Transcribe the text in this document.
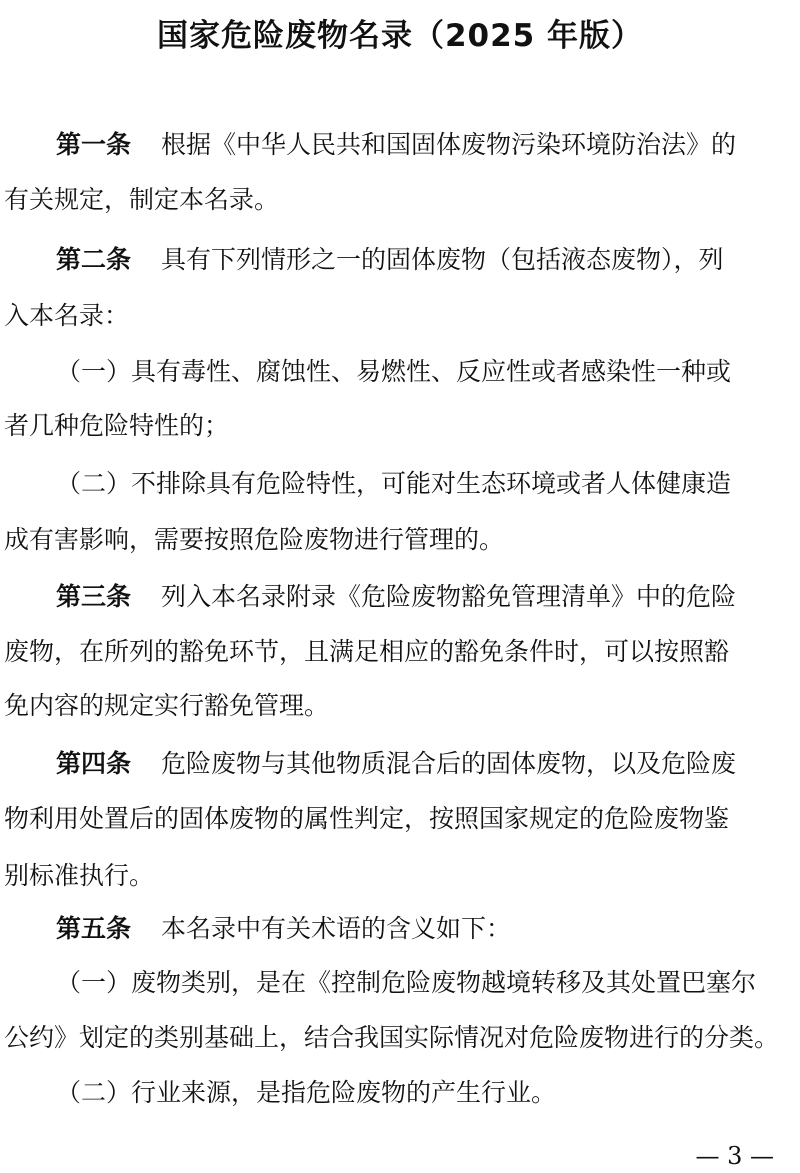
国家危险废物名录（2025 年版）
第一条 根据《中华人民共和国固体废物污染环境防治法》的
有关规定，制定本名录。
第二条 具有下列情形之一的固体废物（包括液态废物），列
入本名录：
（一）具有毒性、腐蚀性、易燃性、反应性或者感染性一种或
者几种危险特性的；
（二）不排除具有危险特性，可能对生态环境或者人体健康造
成有害影响，需要按照危险废物进行管理的。
第三条 列入本名录附录《危险废物豁免管理清单》中的危险
废物，在所列的豁免环节，且满足相应的豁免条件时，可以按照豁
免内容的规定实行豁免管理。
第四条 危险废物与其他物质混合后的固体废物，以及危险废
物利用处置后的固体废物的属性判定，按照国家规定的危险废物鉴
别标准执行。
第五条 本名录中有关术语的含义如下：
（一）废物类别，是在《控制危险废物越境转移及其处置巴塞尔
公约》划定的类别基础上，结合我国实际情况对危险废物进行的分类。
（二）行业来源，是指危险废物的产生行业。
— 3 —
